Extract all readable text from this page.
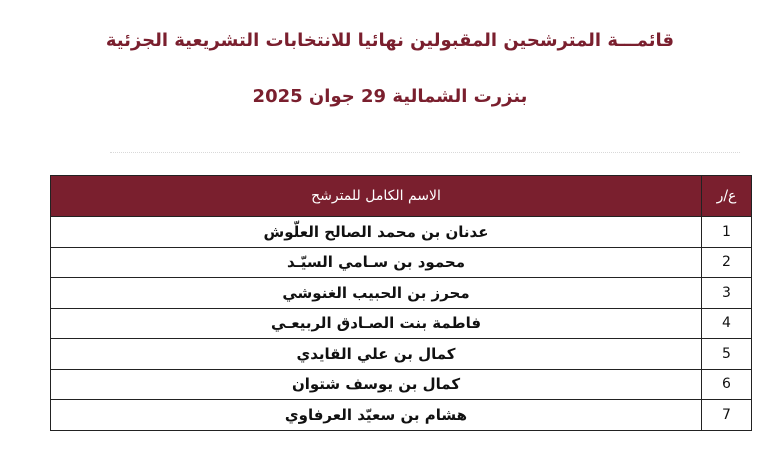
قائمـــة المترشحين المقبولين نهائيا للانتخابات التشريعية الجزئية
بنزرت الشمالية 29 جوان 2025
ع/ر	الاسم الكامل للمترشح
1	عدنان بن محمد الصالح العلّوش
2	محمود بن سـامي السيّـد
3	محرز بن الحبيب الغنوشي
4	فاطمة بنت الصـادق الربيعـي
5	كمال بن علي القايدي
6	كمال بن يوسف شتوان
7	هشام بن سعيّد العرفاوي
